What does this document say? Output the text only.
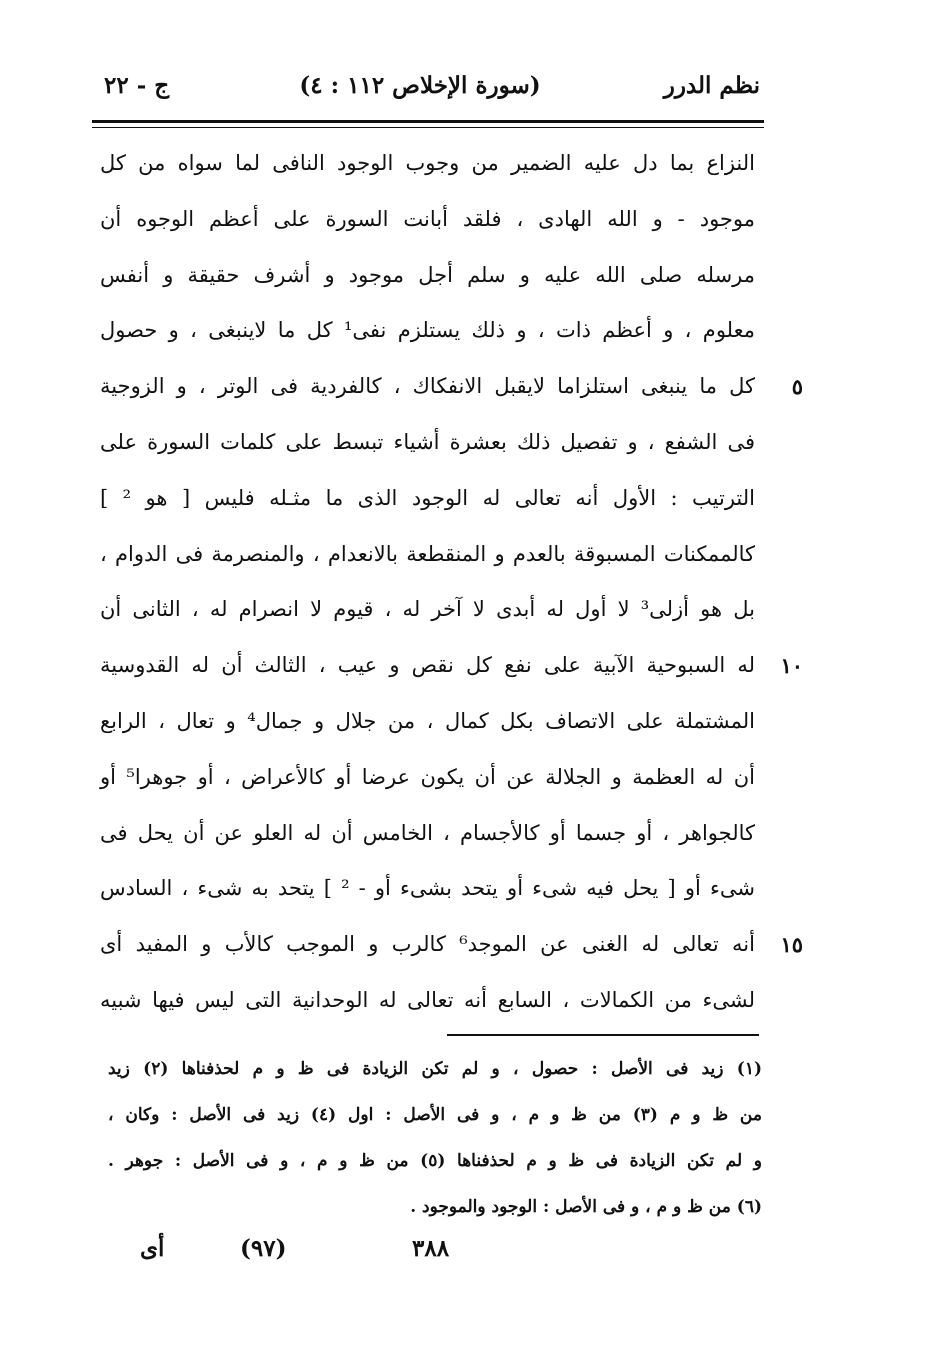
ج - ٢٢	(سورة الإخلاص ١١٢ : ٤)	نظم الدرر
النزاع بما دل عليه الضمير من وجوب الوجود النافى لما سواه من كل
موجود - و الله الهادى ، فلقد أبانت السورة على أعظم الوجوه أن
مرسله صلى الله عليه و سلم أجل موجود و أشرف حقيقة و أنفس
معلوم ، و أعظم ذات ، و ذلك يستلزم نفى¹ كل ما لاينبغى ، و حصول
٥
كل ما ينبغى استلزاما لايقبل الانفكاك ، كالفردية فى الوتر ، و الزوجية
فى الشفع ، و تفصيل ذلك بعشرة أشياء تبسط على كلمات السورة على
الترتيب : الأول أنه تعالى له الوجود الذى ما مثـله فليس [ هو ² ]
كالممكنات المسبوقة بالعدم و المنقطعة بالانعدام ، والمنصرمة فى الدوام ،
بل هو أزلى³ لا أول له أبدى لا آخر له ، قيوم لا انصرام له ، الثانى أن
١٠
له السبوحية الآبية على نفع كل نقص و عيب ، الثالث أن له القدوسية
المشتملة على الاتصاف بكل كمال ، من جلال و جمال⁴ و تعال ، الرابع
أن له العظمة و الجلالة عن أن يكون عرضا أو كالأعراض ، أو جوهرا⁵ أو
كالجواهر ، أو جسما أو كالأجسام ، الخامس أن له العلو عن أن يحل فى
شىء أو [ يحل فيه شىء أو يتحد بشىء أو - ² ] يتحد به شىء ، السادس
١٥
أنه تعالى له الغنى عن الموجد⁶ كالرب و الموجب كالأب و المفيد أى
لشىء من الكمالات ، السابع أنه تعالى له الوحدانية التى ليس فيها شبيه
(١) زيد فى الأصل : حصول ، و لم تكن الزيادة فى ظ و م لحذفناها (٢) زيد
من ظ و م (٣) من ظ و م ، و فى الأصل : اول (٤) زيد فى الأصل : وكان ،
و لم تكن الزيادة فى ظ و م لحذفناها (٥) من ظ و م ، و فى الأصل : جوهر .
(٦) من ظ و م ، و فى الأصل : الوجود والموجود .
أى	(٩٧)	٣٨٨
